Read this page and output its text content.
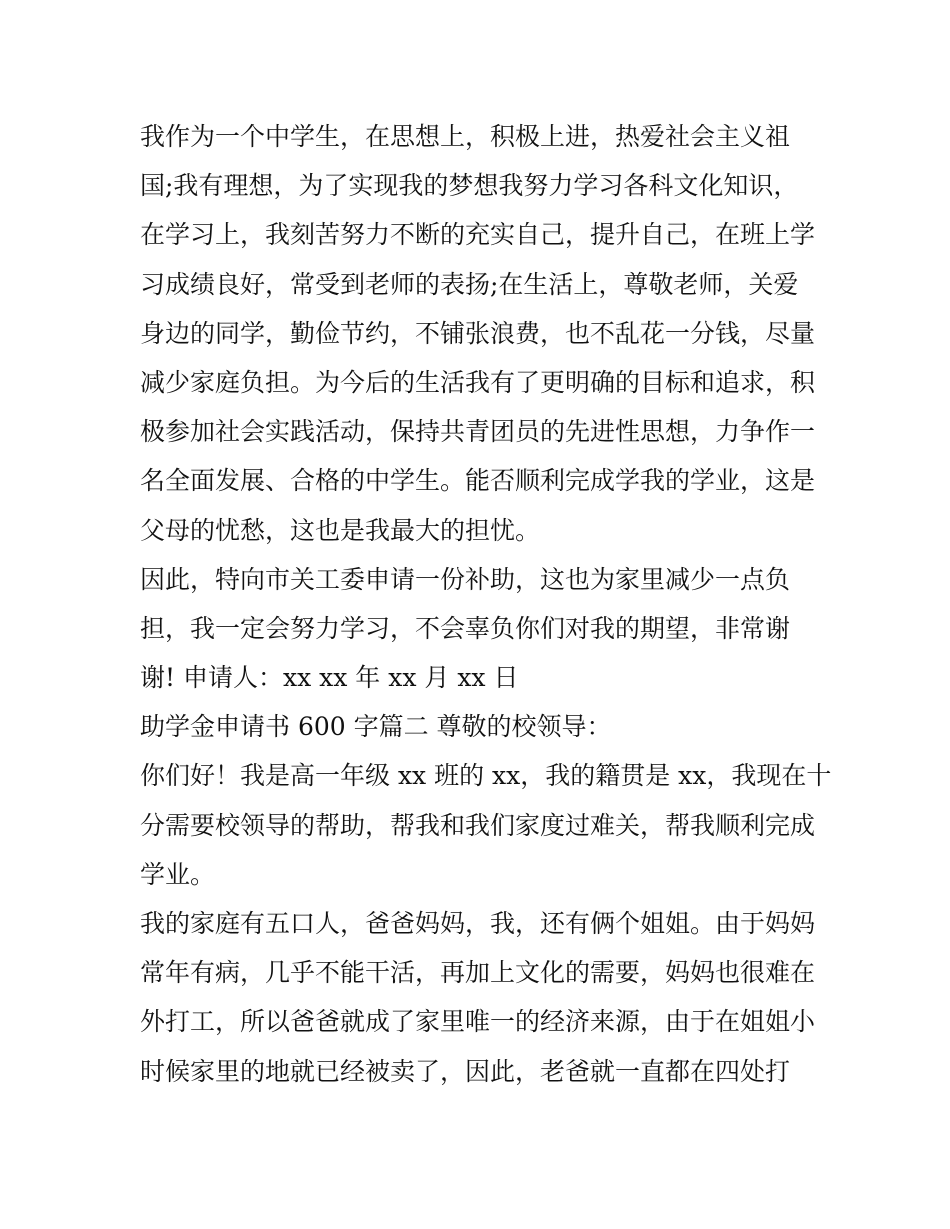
我作为一个中学生，在思想上，积极上进，热爱社会主义祖
国;我有理想，为了实现我的梦想我努力学习各科文化知识，
在学习上，我刻苦努力不断的充实自己，提升自己，在班上学
习成绩良好，常受到老师的表扬;在生活上，尊敬老师，关爱
身边的同学，勤俭节约，不铺张浪费，也不乱花一分钱，尽量
减少家庭负担。为今后的生活我有了更明确的目标和追求，积
极参加社会实践活动，保持共青团员的先进性思想，力争作一
名全面发展、合格的中学生。能否顺利完成学我的学业，这是
父母的忧愁，这也是我最大的担忧。
因此，特向市关工委申请一份补助，这也为家里减少一点负
担，我一定会努力学习，不会辜负你们对我的期望，非常谢
谢! 申请人：xx xx 年 xx 月 xx 日
助学金申请书 600 字篇二 尊敬的校领导：
你们好！我是高一年级 xx 班的 xx，我的籍贯是 xx，我现在十
分需要校领导的帮助，帮我和我们家度过难关，帮我顺利完成
学业。
我的家庭有五口人，爸爸妈妈，我，还有俩个姐姐。由于妈妈
常年有病，几乎不能干活，再加上文化的需要，妈妈也很难在
外打工，所以爸爸就成了家里唯一的经济来源，由于在姐姐小
时候家里的地就已经被卖了，因此，老爸就一直都在四处打
